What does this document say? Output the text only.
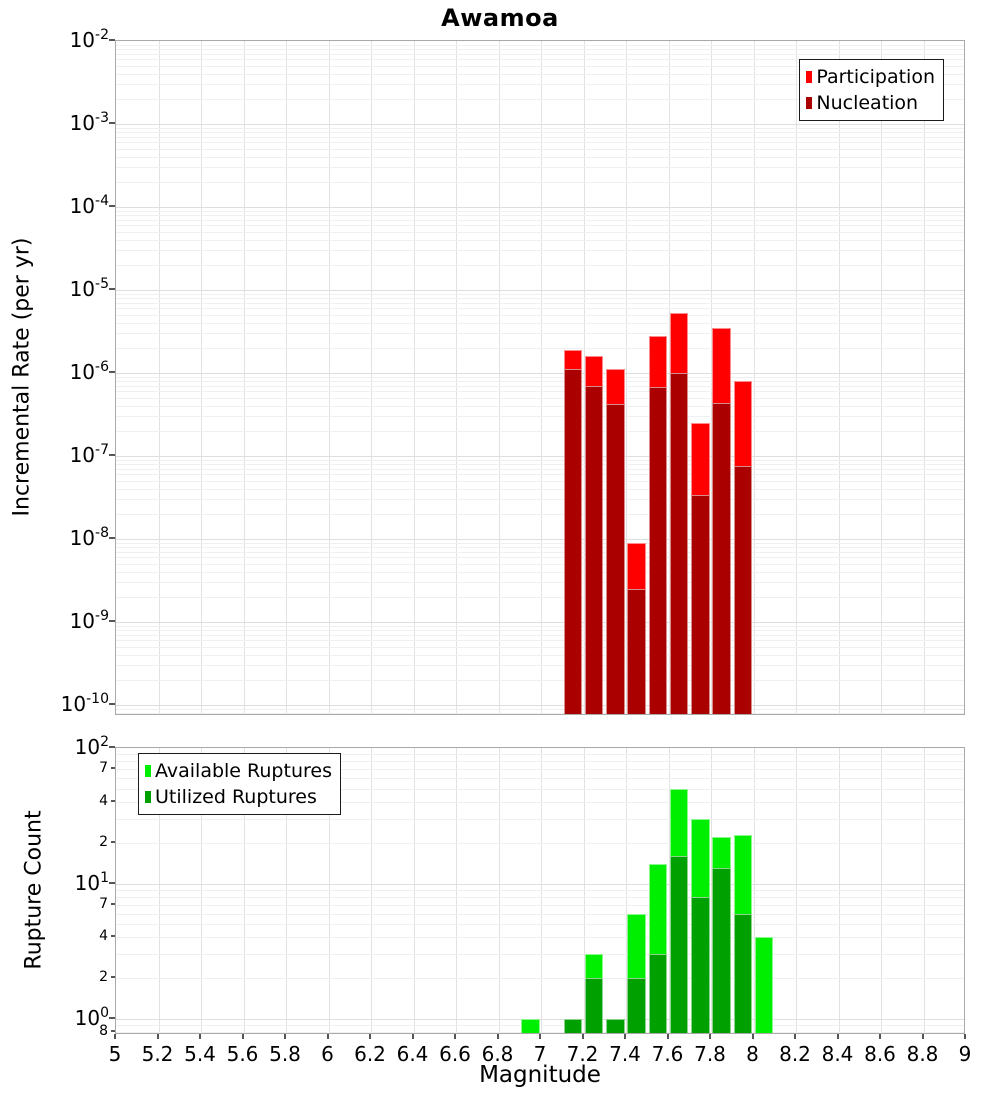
Awamoa
Incremental Rate (per yr)
Rupture Count
Magnitude
Participation
Nucleation
Available Ruptures
Utilized Ruptures
10-2
10-3
10-4
10-5
10-6
10-7
10-8
10-9
10-10
102
101
100
7
4
2
7
4
2
8
5 5.2 5.4 5.6 5.8 6 6.2 6.4 6.6 6.8 7 7.2 7.4 7.6 7.8 8 8.2 8.4 8.6 8.8 9
